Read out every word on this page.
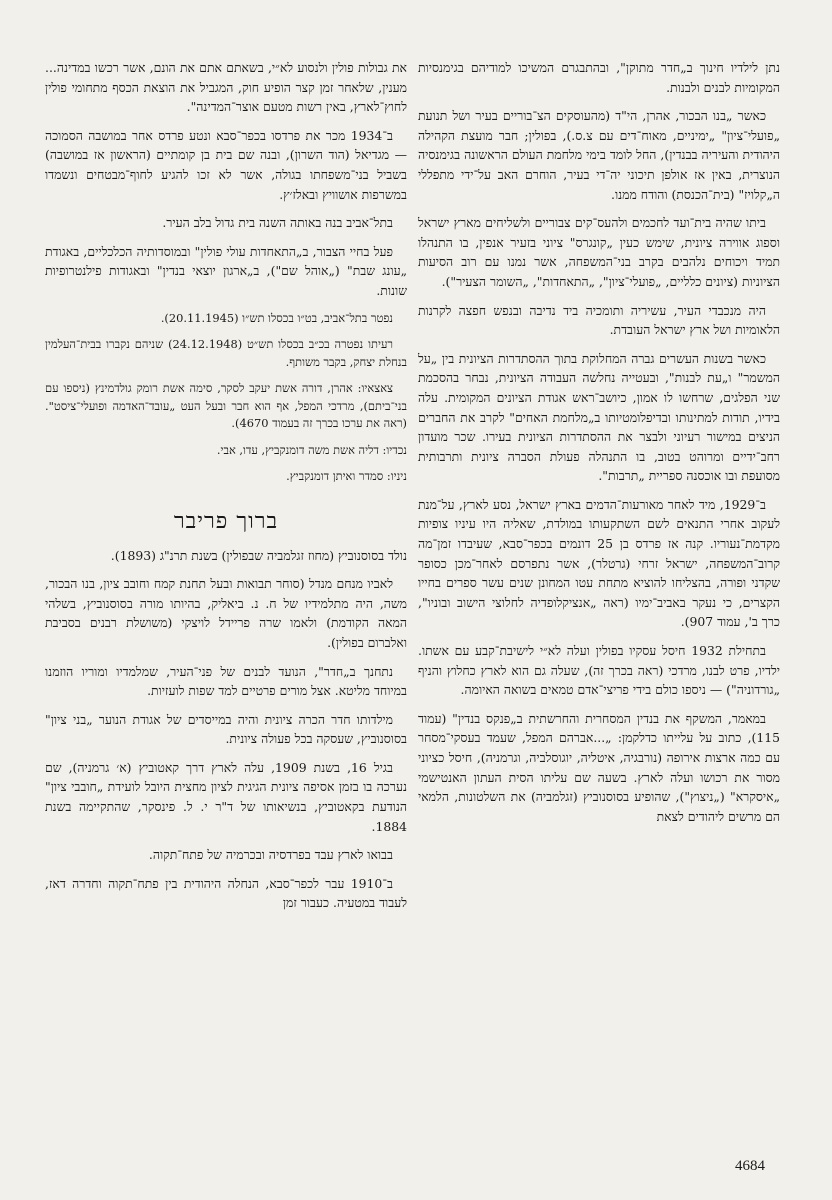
נתן לילדיו חינוך ב„חדר מתוקן", ובהתבגרם המשיכו למודיהם בגימנסיות המקומיות לבנים ולבנות.

כאשר „בנו הבכור, אהרן, הי"ד (מהעוסקים הצ־בוריים בעיר ושל תנועת „פועלי־ציון" „ימיניים, מאוח־דים עם צ.ס.), בפולין; חבר מועצת הקהילה היהודית והעיריה בבנדין), החל לומד בימי מלחמת העולם הראשונה בגימנסיה הנוצרית, באין אז אולפן תיכוני יה־די בעיר, הוחרם האב על־ידי מתפללי ה„קלויז" (בית־הכנסת) והודח ממנו.

ביתו שהיה בית־ועד לחכמים ולהעס־קים צבוריים ולשליחים מארץ ישראל וספוג אווירה ציונית, שימש כעין „קונגרס" ציוני בזעיר אנפין, בו התנהלו תמיד ויכוחים נלהבים בקרב בני־המשפחה, אשר נמנו עם רוב הסיעות הציוניות (ציונים כלליים, „פועלי־ציון", „התאחדות", „השומר הצעיר").

היה מנכבדי העיר, עשיריה ותומכיה ביד נדיבה ובנפש חפצה לקרנות הלאומיות ושל ארץ ישראל העובדת.

כאשר בשנות העשרים גברה המחלוקת בתוך ההסתדרות הציונית בין „על המשמר" ו„עת לבנות", ובעטייה נחלשה העבודה הציונית, נבחר בהסכמת שני הפלגים, שרחשו לו אמון, כיושב־ראש אגודת הציונים המקומית. עלה בידיו, תודות למתינותו ובדיפלומטיותו ב„מלחמת האחים" לקרב את החברים הניצים במישור רעיוני ולבצר את ההסתדרות הציונית בעירו. שכר מועדון רחב־ידיים ומרוהט בטוב, בו התנהלה פעולת הסברה ציונית ותרבותית מסועפת ובו אוכסנה ספריית „תרבות".

ב־1929, מיד לאחר מאורעות־הדמים בארץ ישראל, נסע לארץ, על־מנת לעקוב אחרי התנאים לשם השתקעותו במולדת, שאליה היו עיניו צופיות מקדמת־נעוריו. קנה אז פרדס בן 25 דונמים בכפר־סבא, שעיבדו זמן־מה קרוב־המשפחה, ישראל זרחי (גרטלר), אשר נתפרסם לאחר־מכן כסופר שקדני ופורה, בהצליחו להוציא מתחת עטו המחונן שנים עשר ספרים בחייו הקצרים, כי נעקר באביב־ימיו (ראה „אנציקלופדיה לחלוצי הישוב ובוניו", כרך ב', עמוד 907).

בתחילת 1932 חיסל עסקיו בפולין ועלה לא״י לישיבת־קבע עם אשתו. ילדיו, פרט לבנו, מרדכי (ראה בכרך זה), שעלה גם הוא לארץ כחלוץ והניף „גורדוניה") — ניספו כולם בידי פריצי־אדם טמאים בשואה האיומה.

במאמר, המשקף את בנדין המסחרית והחרשתית ב„פנקס בנדין" (עמוד 115), כתוב על עלייתו כדלקמן: „...אברהם המפל, שעמד בעסקי־מסחר עם כמה ארצות אירופה (נורבגיה, איטליה, יוגוסלביה, וגרמניה), חיסל כציוני מסור את רכושו ועלה לארץ. בשעה שם עליתו הסית העתון האנטישמי „איסקרא" („ניצוץ"), שהופיע בסוסנוביץ (זגלמביה) את השלטונות, הלמאי הם מרשים ליהודים לצאת

את גבולות פולין ולנסוע לא״י, בשאתם אתם את הונם, אשר רכשו במדינה... מענין, שלאחר זמן קצר הופיע חוק, המגביל את הוצאת הכסף מתחומי פולין לחוץ־לארץ, באין רשות מטעם אוצר־המדינה".

ב־1934 מכר את פרדסו בכפר־סבא ונטע פרדס אחר במושבה הסמוכה — מגדיאל (הוד השרון), ובנה שם בית בן קומתיים (הראשון אז במושבה) בשביל בני־משפחתו בגולה, אשר לא זכו להגיע לחוף־מבטחים ונשמדו במשרפות אושוויץ ובאלז׳ץ.

בתל־אביב בנה באותה השנה בית גדול בלב העיר.

פעל בחיי הצבור, ב„התאחדות עולי פולין" ובמוסדותיה הכלכליים, באגודת „עונג שבת" („אוהל שם"), ב„ארגון יוצאי בנדין" ובאגודות פילנטרופיות שונות.

נפטר בתל־אביב, בט״ו בכסלו תש״ו (20.11.1945).

רעיתו נפטרה בכ״ב בכסלו תש״ט (24.12.1948) שניהם נקברו בבית־העלמין בנחלת יצחק, בקבר משותף.

צאצאיו: אהרן, דורה אשת יעקב לסקר, סימה אשת רומק גולדמינץ (ניספו עם בני־ביתם), מרדכי המפל, אף הוא חבר ובעל העט „עובד־האדמה ופועלי־ציסט". (ראה את ערכו בכרך זה בעמוד 4670).

נכדיו: דליה אשת משה דומנקביץ, עדו, אבי.

ניניו: סמדר ואיתן דומנקביץ.

ברוך פריבר

נולד בסוסנוביץ (מחוז זגלמביה שבפולין) בשנת תרנ"ג (1893).

לאביו מנחם מנדל (סוחר תבואות ובעל תחנת קמח וחובב ציון, בנו הבכור, משה, היה מתלמידיו של ח. נ. ביאליק, בהיותו מורה בסוסנוביץ, בשלהי המאה הקודמת) ולאמו שרה פריידל לויצקי (משושלת רבנים בסביבת ואלברום בפולין).

נתחנך ב„חדר", הנועד לבנים של פני־העיר, שמלמדיו ומוריו הוזמנו במיוחד מליטא. אצל מורים פרטיים למד שפות לועזיות.

מילדותו חדר הכרה ציונית והיה במייסדים של אגודת הנוער „בני ציון" בסוסנוביץ, שעסקה בכל פעולה ציונית.

בגיל 16, בשנת 1909, עלה לארץ דרך קאטוביץ (א׳ גרמניה), שם נערכה בו בזמן אסיפה ציונית הגיגית לציון מחצית היובל לועידת „חובבי ציון" הנודעת בקאטוביץ, בנשיאותו של ד"ר י. ל. פינסקר, שהתקיימה בשנת 1884.

בבואו לארץ עבד בפרדסיה ובכרמיה של פתח־תקוה.

ב־1910 עבר לכפר־סבא, הנחלה היהודית בין פתח־תקוה וחדרה דאז, לעבוד במטעיה. כעבור זמן

4684
